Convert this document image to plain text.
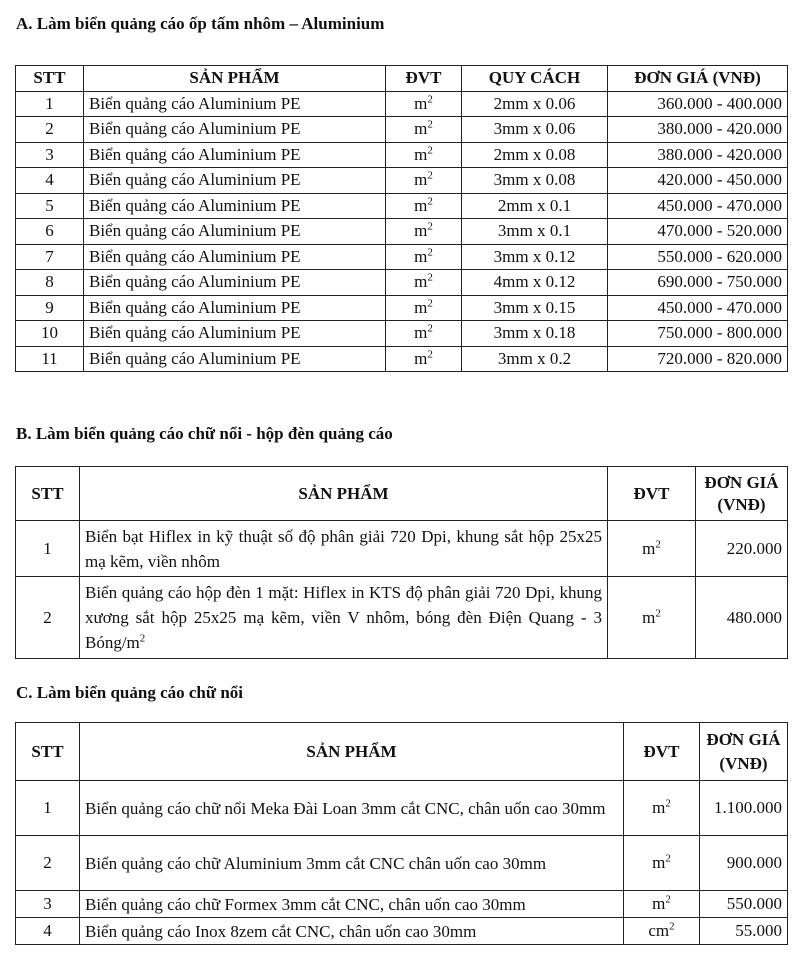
A. Làm biển quảng cáo ốp tấm nhôm – Aluminium
STT	SẢN PHẨM	ĐVT	QUY CÁCH	ĐƠN GIÁ (VNĐ)
1	Biển quảng cáo Aluminium PE	$m^2$	2mm x 0.06	360.000 - 400.000
2	Biển quảng cáo Aluminium PE	$m^2$	3mm x 0.06	380.000 - 420.000
3	Biển quảng cáo Aluminium PE	$m^2$	2mm x 0.08	380.000 - 420.000
4	Biển quảng cáo Aluminium PE	$m^2$	3mm x 0.08	420.000 - 450.000
5	Biển quảng cáo Aluminium PE	$m^2$	2mm x 0.1	450.000 - 470.000
6	Biển quảng cáo Aluminium PE	$m^2$	3mm x 0.1	470.000 - 520.000
7	Biển quảng cáo Aluminium PE	$m^2$	3mm x 0.12	550.000 - 620.000
8	Biển quảng cáo Aluminium PE	$m^2$	4mm x 0.12	690.000 - 750.000
9	Biển quảng cáo Aluminium PE	$m^2$	3mm x 0.15	450.000 - 470.000
10	Biển quảng cáo Aluminium PE	$m^2$	3mm x 0.18	750.000 - 800.000
11	Biển quảng cáo Aluminium PE	$m^2$	3mm x 0.2	720.000 - 820.000
B. Làm biển quảng cáo chữ nổi - hộp đèn quảng cáo
STT	SẢN PHẨM	ĐVT	ĐƠN GIÁ
(VNĐ)
1	Biển bạt Hiflex in kỹ thuật số độ phân giải 720 Dpi, khung sắt hộp 25x25 mạ kẽm, viền nhôm	$m^2$	220.000
2	Biển quảng cáo hộp đèn 1 mặt: Hiflex in KTS độ phân giải 720 Dpi, khung xương sắt hộp 25x25 mạ kẽm, viền V nhôm, bóng đèn Điện Quang - 3 Bóng/$m^2$	$m^2$	480.000
C. Làm biển quảng cáo chữ nổi
STT	SẢN PHẨM	ĐVT	ĐƠN GIÁ
(VNĐ)
1	Biển quảng cáo chữ nổi Meka Đài Loan 3mm cắt CNC, chân uốn cao 30mm	$m^2$	1.100.000
2	Biển quảng cáo chữ Aluminium 3mm cắt CNC chân uốn cao 30mm	$m^2$	900.000
3	Biển quảng cáo chữ Formex 3mm cắt CNC, chân uốn cao 30mm	$m^2$	550.000
4	Biển quảng cáo Inox 8zem cắt CNC, chân uốn cao 30mm	$cm^2$	55.000
